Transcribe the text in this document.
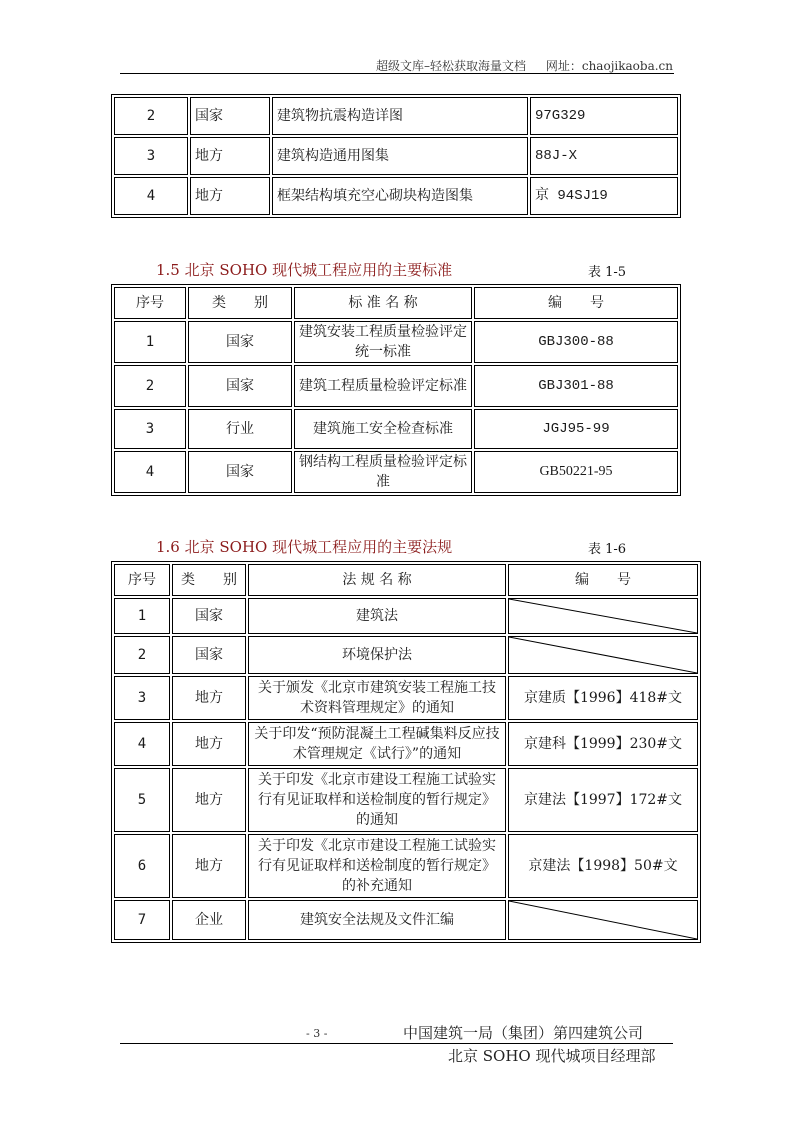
超级文库–轻松获取海量文档 网址：chaojikaoba.cn
2	国家	建筑物抗震构造详图	97G329
3	地方	建筑构造通用图集	88J-X
4	地方	框架结构填充空心砌块构造图集	京 94SJ19
1.5 北京 SOHO 现代城工程应用的主要标准	表 1-5
序号	类　　别	标 准 名 称	编　　号
1	国家	建筑安装工程质量检验评定统一标准	GBJ300-88
2	国家	建筑工程质量检验评定标准	GBJ301-88
3	行业	建筑施工安全检查标准	JGJ95-99
4	国家	钢结构工程质量检验评定标准	GB50221-95
1.6 北京 SOHO 现代城工程应用的主要法规	表 1-6
序号	类　　别	法 规 名 称	编　　号
1	国家	建筑法	

2	国家	环境保护法	

3	地方	关于颁发《北京市建筑安装工程施工技术资料管理规定》的通知	京建质【1996】418#文
4	地方	关于印发“预防混凝土工程碱集料反应技术管理规定《试行》”的通知	京建科【1999】230#文
5	地方	关于印发《北京市建设工程施工试验实行有见证取样和送检制度的暂行规定》的通知	京建法【1997】172#文
6	地方	关于印发《北京市建设工程施工试验实行有见证取样和送检制度的暂行规定》的补充通知	京建法【1998】50#文
7	企业	建筑安全法规及文件汇编	
- 3 -	中国建筑一局（集团）第四建筑公司
北京 SOHO 现代城项目经理部
